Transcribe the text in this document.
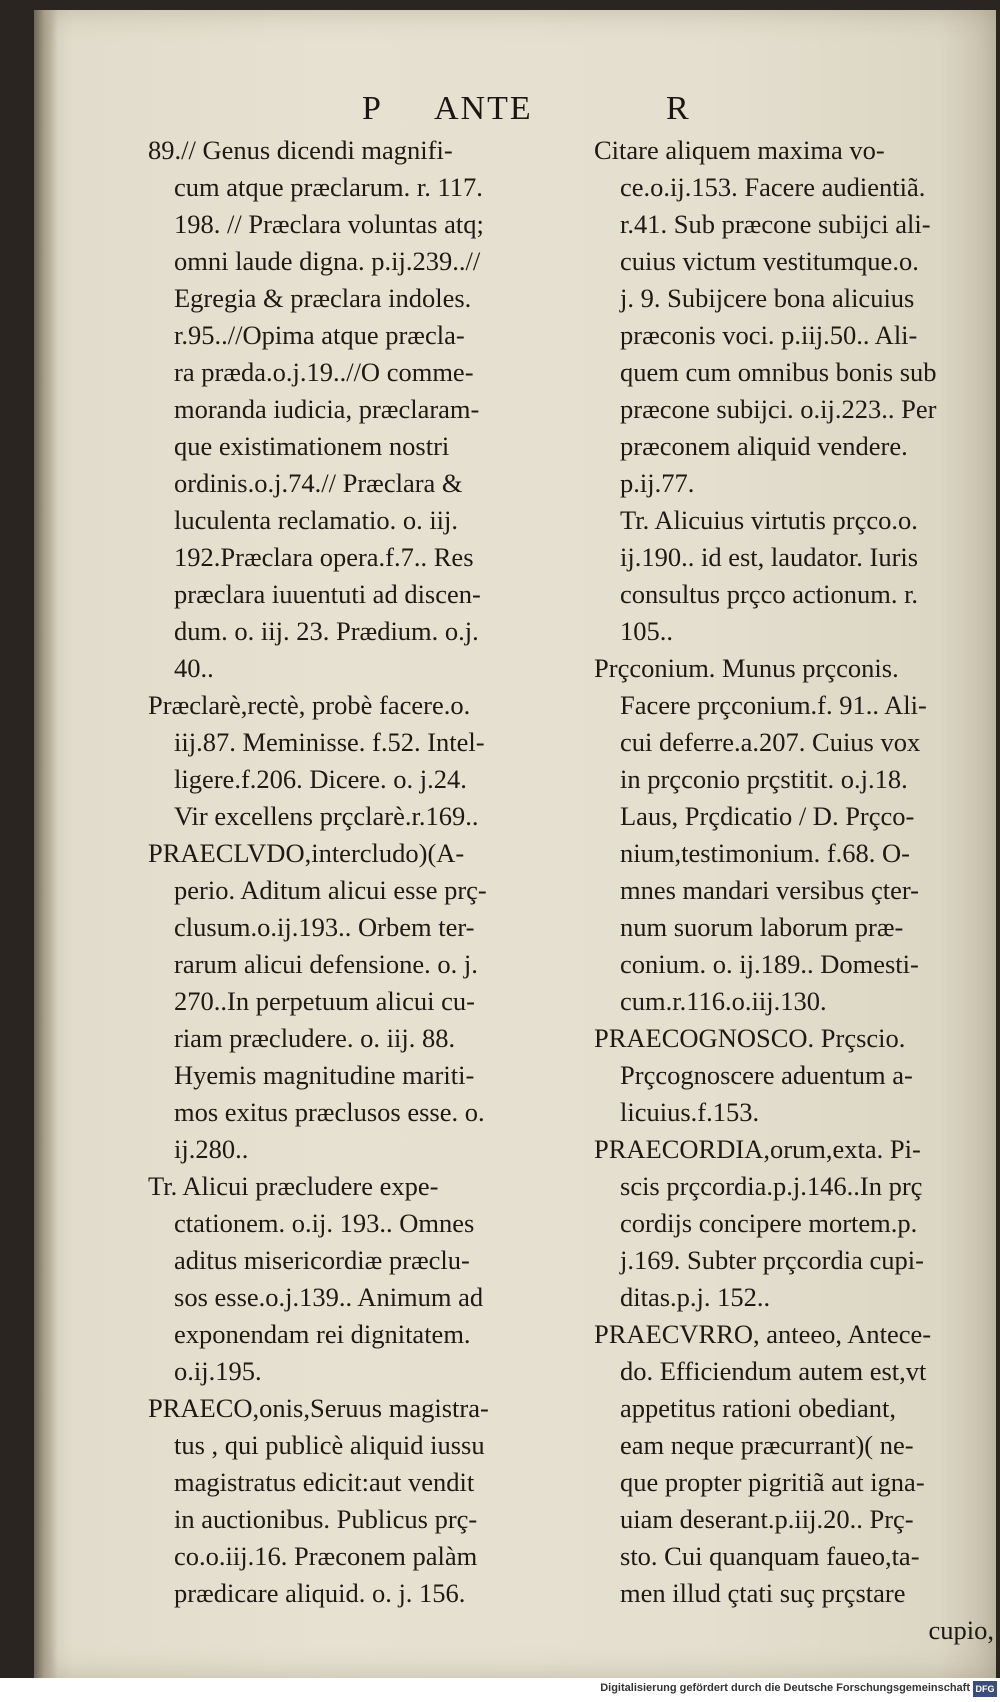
P ANTE	R
89.// Genus dicendi magnifi-
cum atque præclarum. r. 117.
198. // Præclara voluntas atq;
omni laude digna. p.ij.239..//
Egregia & præclara indoles.
r.95..//Opima atque præcla-
ra præda.o.j.19..//O comme-
moranda iudicia, præclaram-
que existimationem nostri
ordinis.o.j.74.// Præclara &
luculenta reclamatio. o. iij.
192.Præclara opera.f.7.. Res
præclara iuuentuti ad discen-
dum. o. iij. 23. Prædium. o.j.
40..
Præclarè,rectè, probè facere.o.
iij.87. Meminisse. f.52. Intel-
ligere.f.206. Dicere. o. j.24.
Vir excellens prçclarè.r.169..
PRAECLVDO,intercludo)(A-
perio. Aditum alicui esse prç-
clusum.o.ij.193.. Orbem ter-
rarum alicui defensione. o. j.
270..In perpetuum alicui cu-
riam præcludere. o. iij. 88.
Hyemis magnitudine mariti-
mos exitus præclusos esse. o.
ij.280..
Tr. Alicui præcludere expe-
ctationem. o.ij. 193.. Omnes
aditus misericordiæ præclu-
sos esse.o.j.139.. Animum ad
exponendam rei dignitatem.
o.ij.195.
PRAECO,onis,Seruus magistra-
tus , qui publicè aliquid iussu
magistratus edicit:aut vendit
in auctionibus. Publicus prç-
co.o.iij.16. Præconem palàm
prædicare aliquid. o. j. 156.
Citare aliquem maxima vo-
ce.o.ij.153. Facere audientiã.
r.41. Sub præcone subijci ali-
cuius victum vestitumque.o.
j. 9. Subijcere bona alicuius
præconis voci. p.iij.50.. Ali-
quem cum omnibus bonis sub
præcone subijci. o.ij.223.. Per
præconem aliquid vendere.
p.ij.77.
Tr. Alicuius virtutis prçco.o.
ij.190.. id est, laudator. Iuris
consultus prçco actionum. r.
105..
Prçconium. Munus prçconis.
Facere prçconium.f. 91.. Ali-
cui deferre.a.207. Cuius vox
in prçconio prçstitit. o.j.18.
Laus, Prçdicatio / D. Prçco-
nium,testimonium. f.68. O-
mnes mandari versibus çter-
num suorum laborum præ-
conium. o. ij.189.. Domesti-
cum.r.116.o.iij.130.
PRAECOGNOSCO. Prçscio.
Prçcognoscere aduentum a-
licuius.f.153.
PRAECORDIA,orum,exta. Pi-
scis prçcordia.p.j.146..In prç
cordijs concipere mortem.p.
j.169. Subter prçcordia cupi-
ditas.p.j. 152..
PRAECVRRO, anteeo, Antece-
do. Efficiendum autem est,vt
appetitus rationi obediant,
eam neque præcurrant)( ne-
que propter pigritiã aut igna-
uiam deserant.p.iij.20.. Prç-
sto. Cui quanquam faueo,ta-
men illud çtati suç prçstare
cupio,
Digitalisierung gefördert durch die Deutsche Forschungsgemeinschaft DFG
